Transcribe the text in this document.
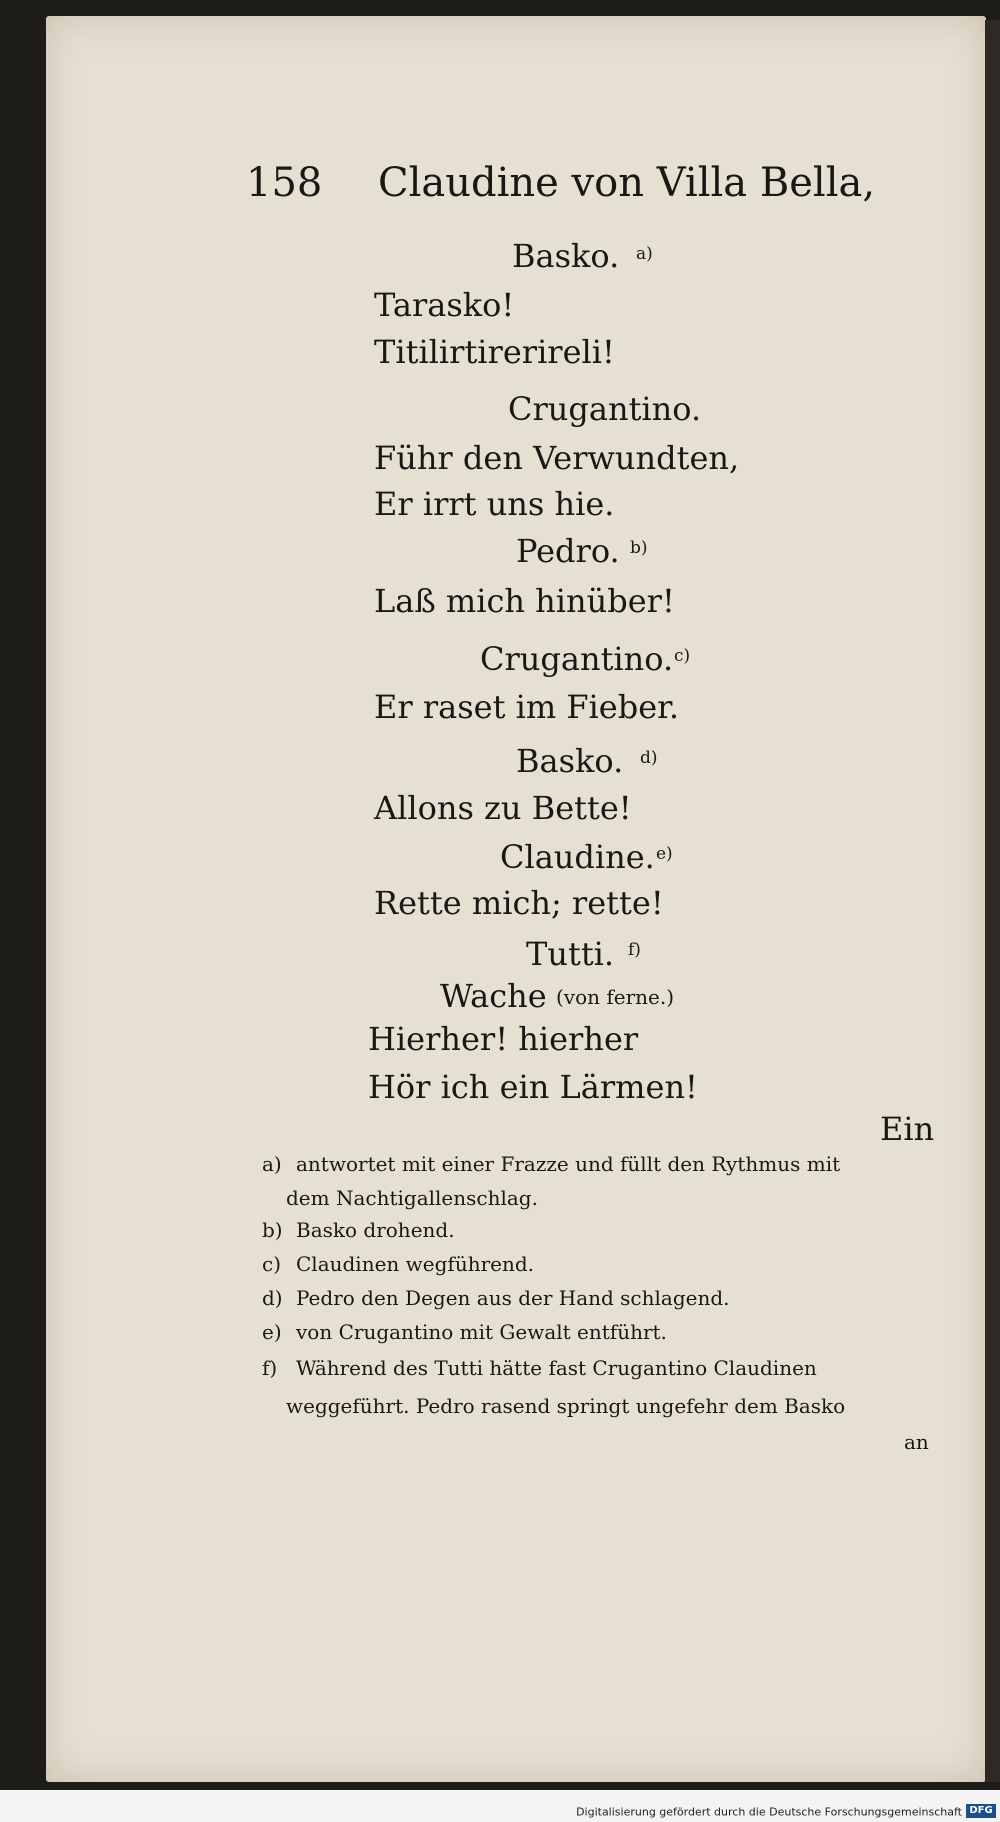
158 Claudine von Villa Bella,
Basko. a)
Tarasko!
Titilirtirerireli!
Crugantino.
Führ den Verwundten,
Er irrt uns hie.
Pedro. b)
Laß mich hinüber!
Crugantino. c)
Er raset im Fieber.
Basko. d)
Allons zu Bette!
Claudine. e)
Rette mich; rette!
Tutti. f)
Wache (von ferne.)
Hierher! hierher
Hör ich ein Lärmen!
Ein
a) antwortet mit einer Frazze und füllt den Rythmus mit
dem Nachtigallenschlag.
b) Basko drohend.
c) Claudinen wegführend.
d) Pedro den Degen aus der Hand schlagend.
e) von Crugantino mit Gewalt entführt.
f) Während des Tutti hätte fast Crugantino Claudinen
weggeführt. Pedro rasend springt ungefehr dem Basko
an
Digitalisierung gefördert durch die Deutsche Forschungsgemeinschaft DFG
